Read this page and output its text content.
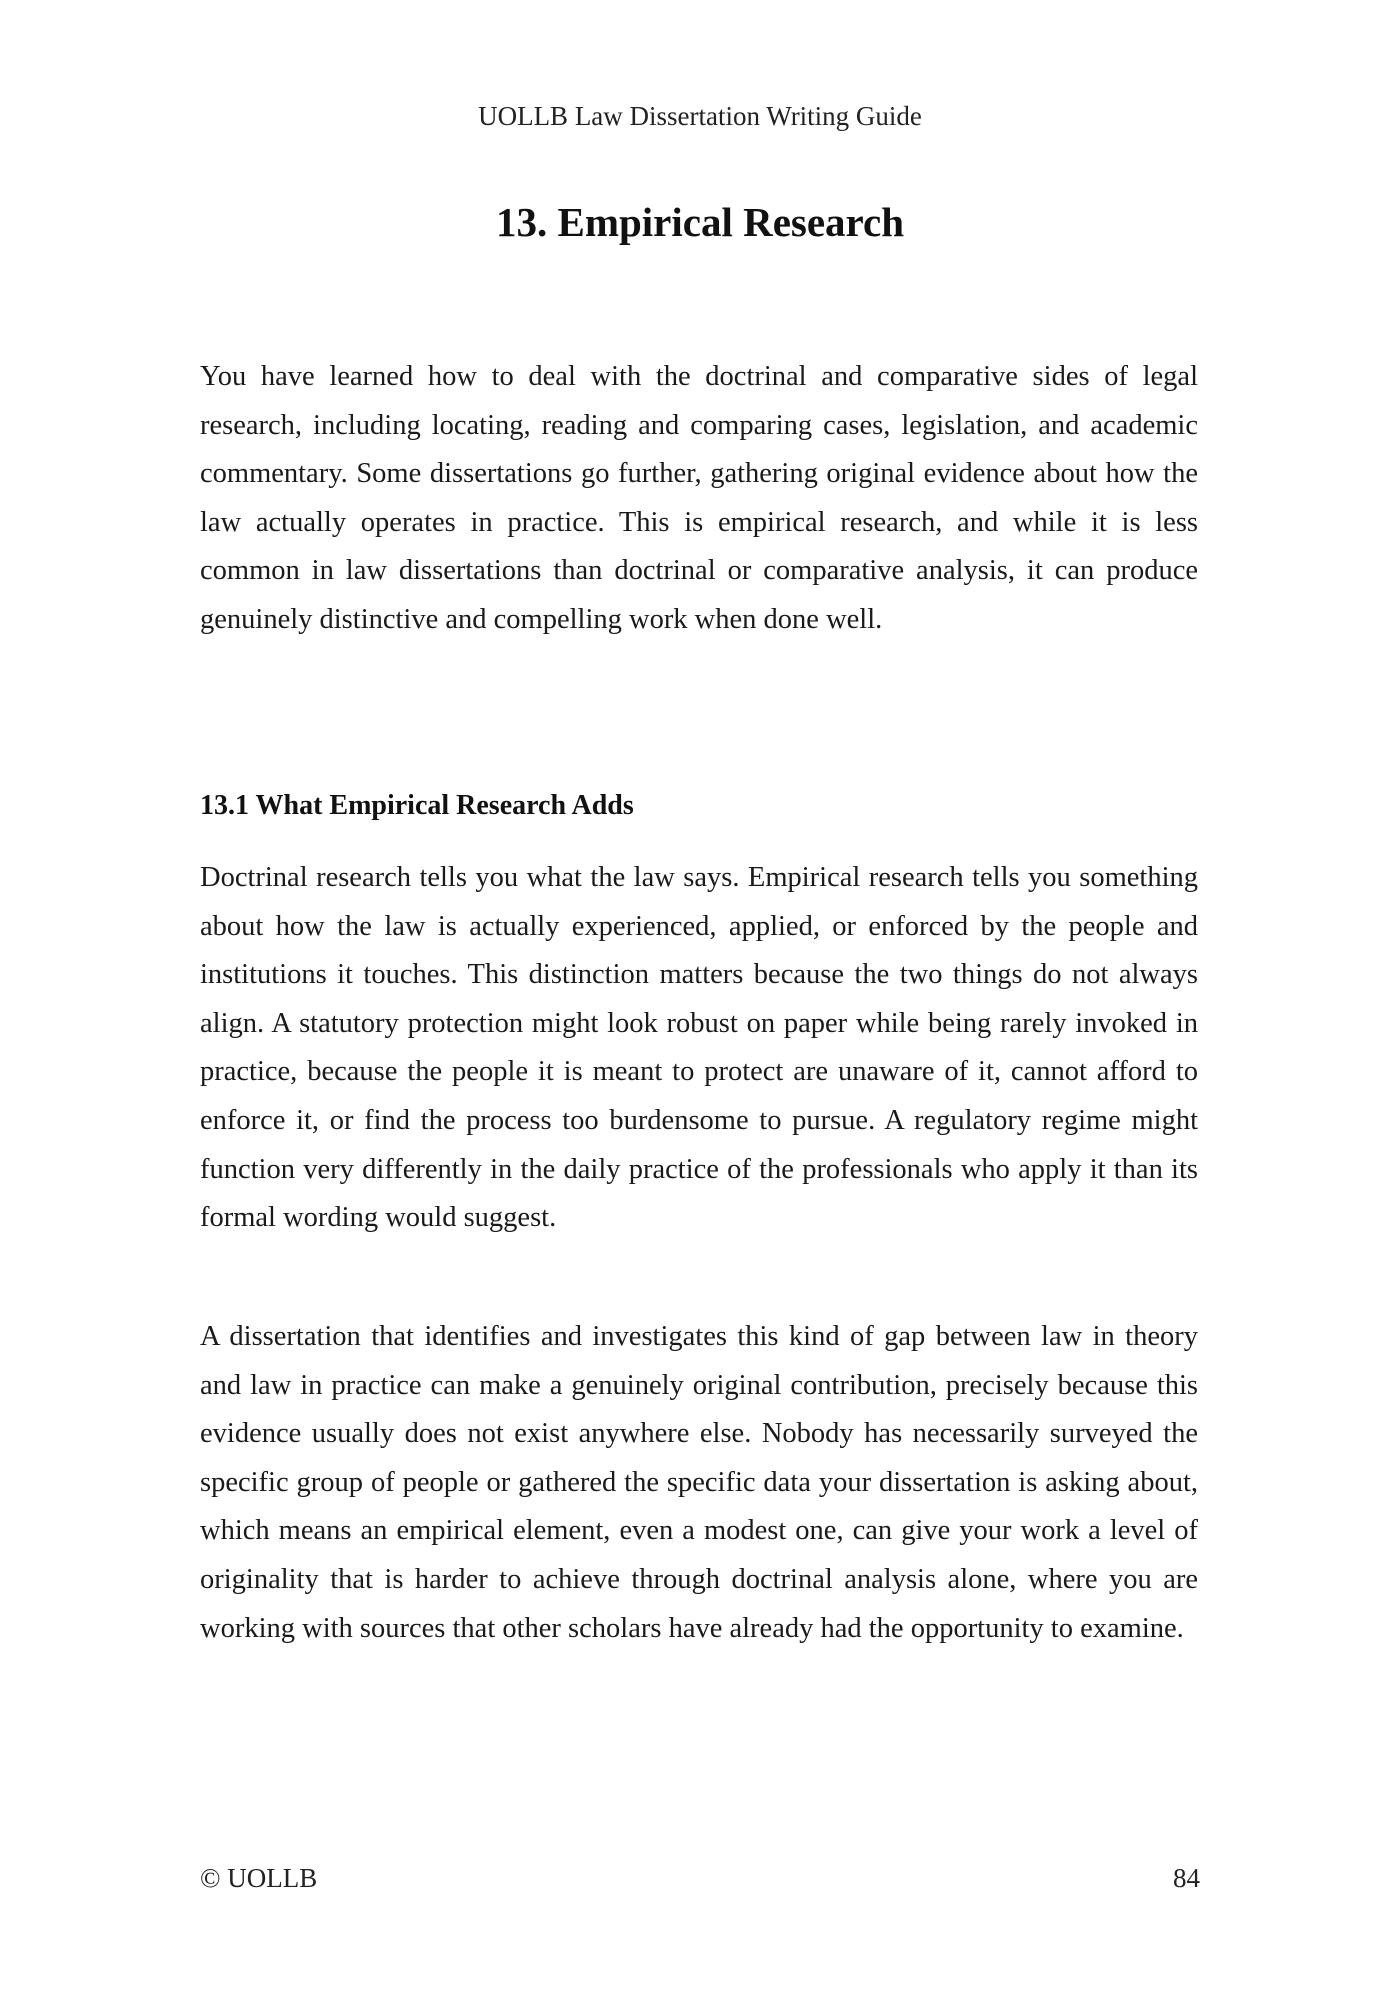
UOLLB Law Dissertation Writing Guide
13. Empirical Research

You have learned how to deal with the doctrinal and comparative sides of legal research, including locating, reading and comparing cases, legislation, and academic commentary. Some dissertations go further, gathering original evidence about how the law actually operates in practice. This is empirical research, and while it is less common in law dissertations than doctrinal or comparative analysis, it can produce genuinely distinctive and compelling work when done well.

13.1 What Empirical Research Adds

Doctrinal research tells you what the law says. Empirical research tells you something about how the law is actually experienced, applied, or enforced by the people and institutions it touches. This distinction matters because the two things do not always align. A statutory protection might look robust on paper while being rarely invoked in practice, because the people it is meant to protect are unaware of it, cannot afford to enforce it, or find the process too burdensome to pursue. A regulatory regime might function very differently in the daily practice of the professionals who apply it than its formal wording would suggest.

A dissertation that identifies and investigates this kind of gap between law in theory and law in practice can make a genuinely original contribution, precisely because this evidence usually does not exist anywhere else. Nobody has necessarily surveyed the specific group of people or gathered the specific data your dissertation is asking about, which means an empirical element, even a modest one, can give your work a level of originality that is harder to achieve through doctrinal analysis alone, where you are working with sources that other scholars have already had the opportunity to examine.

© UOLLB	84
